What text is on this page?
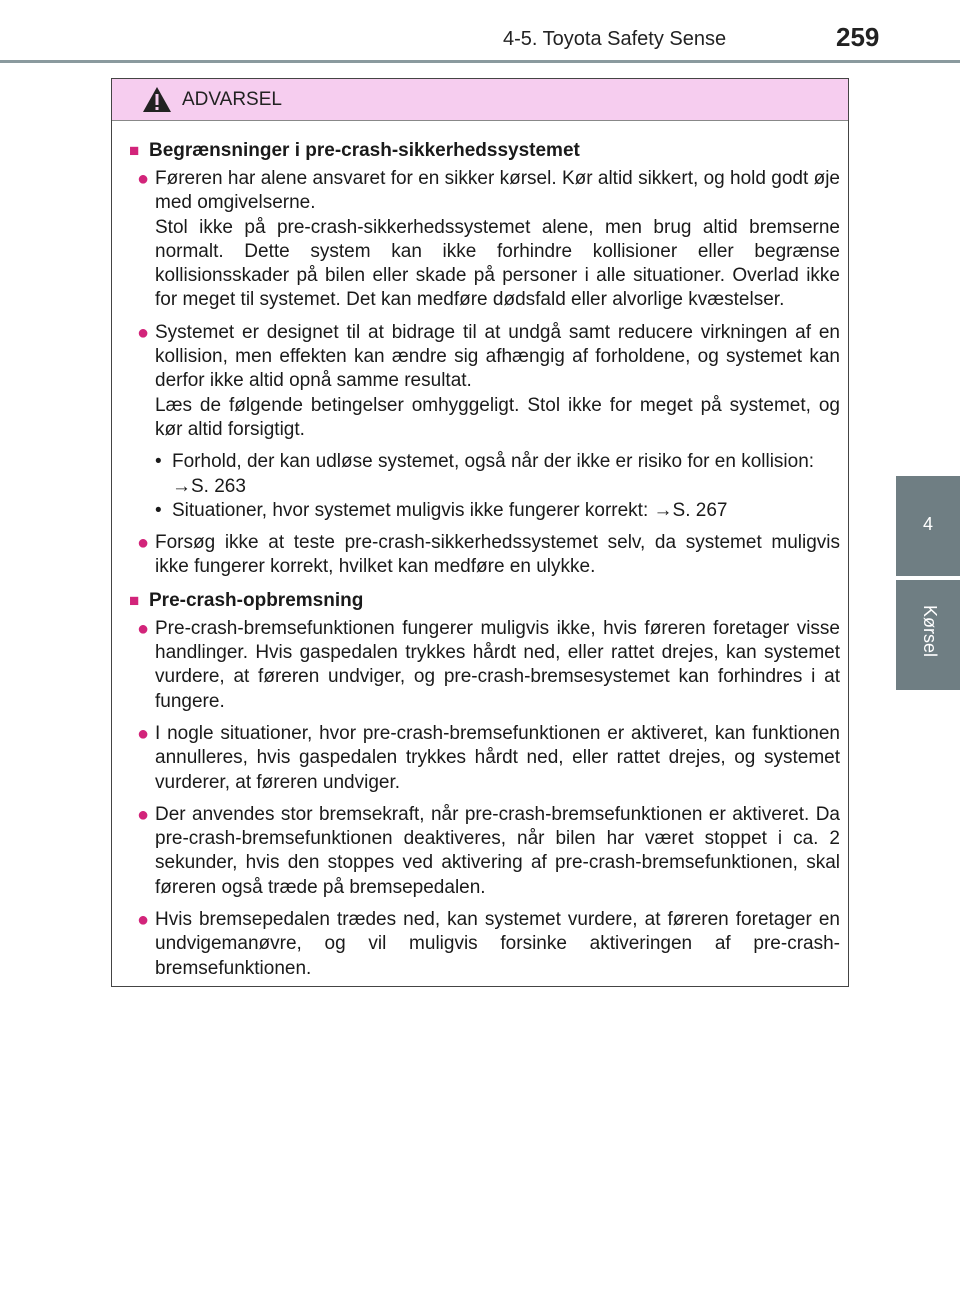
4-5. Toyota Safety Sense	259
4
Kørsel
ADVARSEL
■ Begrænsninger i pre-crash-sikkerhedssystemet
● Føreren har alene ansvaret for en sikker kørsel. Kør altid sikkert, og hold godt øje med omgivelserne.

Stol ikke på pre-crash-sikkerhedssystemet alene, men brug altid bremserne normalt. Dette system kan ikke forhindre kollisioner eller begrænse kollisionsskader på bilen eller skade på personer i alle situationer. Overlad ikke for meget til systemet. Det kan medføre dødsfald eller alvorlige kvæstelser.

● Systemet er designet til at bidrage til at undgå samt reducere virkningen af en kollision, men effekten kan ændre sig afhængig af forholdene, og systemet kan derfor ikke altid opnå samme resultat.

Læs de følgende betingelser omhyggeligt. Stol ikke for meget på systemet, og kør altid forsigtigt.

• Forhold, der kan udløse systemet, også når der ikke er risiko for en kollision: →S. 263
• Situationer, hvor systemet muligvis ikke fungerer korrekt: →S. 267
● Forsøg ikke at teste pre-crash-sikkerhedssystemet selv, da systemet muligvis ikke fungerer korrekt, hvilket kan medføre en ulykke.

■ Pre-crash-opbremsning
● Pre-crash-bremsefunktionen fungerer muligvis ikke, hvis føreren foretager visse handlinger. Hvis gaspedalen trykkes hårdt ned, eller rattet drejes, kan systemet vurdere, at føreren undviger, og pre-crash-bremsesystemet kan forhindres i at fungere.

● I nogle situationer, hvor pre-crash-bremsefunktionen er aktiveret, kan funktionen annulleres, hvis gaspedalen trykkes hårdt ned, eller rattet drejes, og systemet vurderer, at føreren undviger.

● Der anvendes stor bremsekraft, når pre-crash-bremsefunktionen er aktiveret. Da pre-crash-bremsefunktionen deaktiveres, når bilen har været stoppet i ca. 2 sekunder, hvis den stoppes ved aktivering af pre-crash-bremsefunktionen, skal føreren også træde på bremsepedalen.

● Hvis bremsepedalen trædes ned, kan systemet vurdere, at føreren foretager en undvigemanøvre, og vil muligvis forsinke aktiveringen af pre-crash-bremsefunktionen.
